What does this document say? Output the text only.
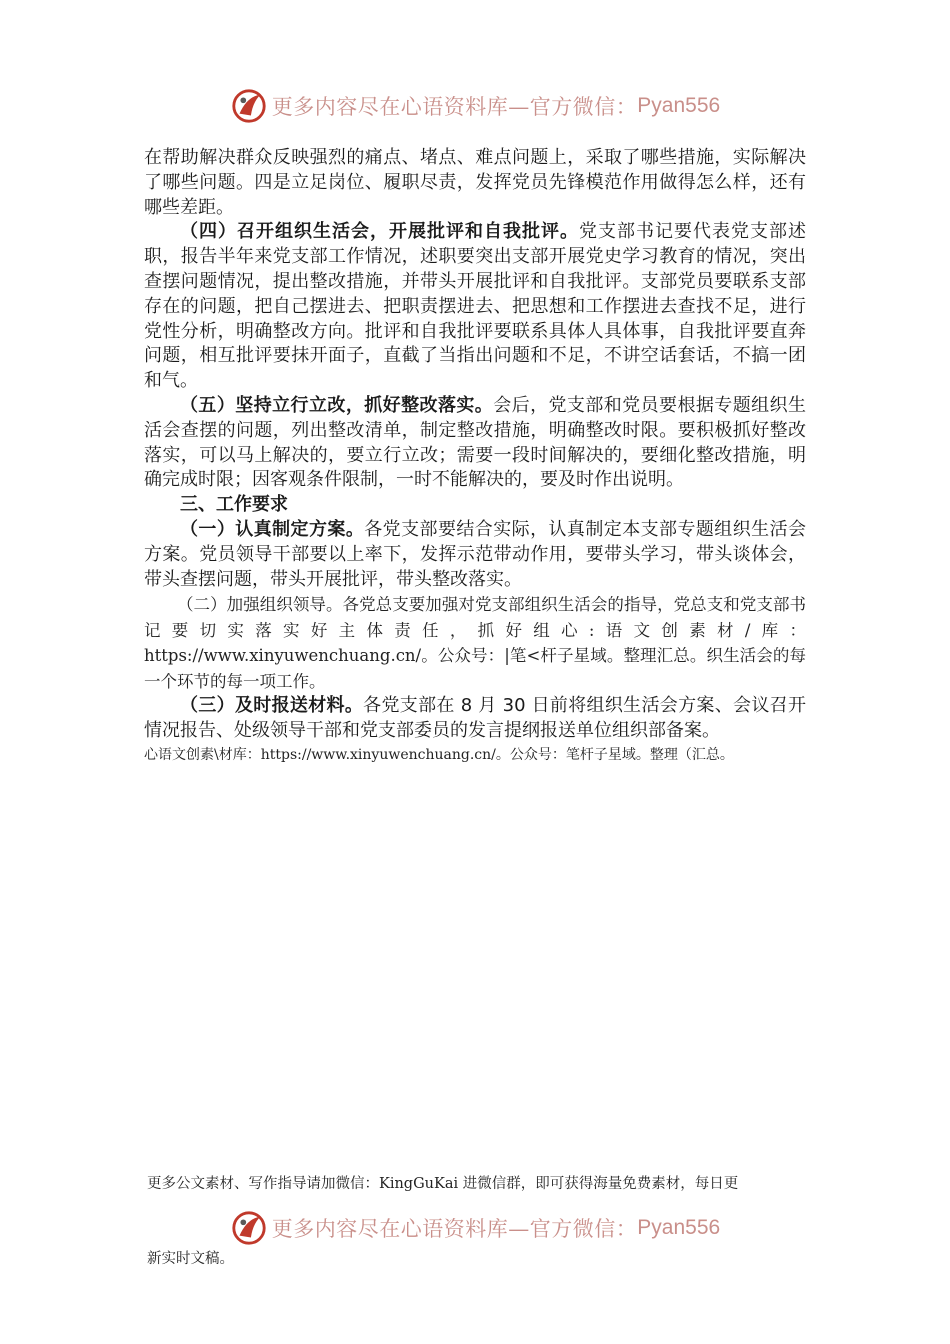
更多内容尽在心语资料库—官方微信： Pyan556

在帮助解决群众反映强烈的痛点、堵点、难点问题上，采取了哪些措施，实际解决了哪些问题。四是立足岗位、履职尽责，发挥党员先锋模范作用做得怎么样，还有哪些差距。

（四）召开组织生活会，开展批评和自我批评。党支部书记要代表党支部述职，报告半年来党支部工作情况，述职要突出支部开展党史学习教育的情况，突出查摆问题情况，提出整改措施，并带头开展批评和自我批评。支部党员要联系支部存在的问题，把自己摆进去、把职责摆进去、把思想和工作摆进去查找不足，进行党性分析，明确整改方向。批评和自我批评要联系具体人具体事，自我批评要直奔问题，相互批评要抹开面子，直截了当指出问题和不足，不讲空话套话，不搞一团和气。

（五）坚持立行立改，抓好整改落实。会后，党支部和党员要根据专题组织生活会查摆的问题，列出整改清单，制定整改措施，明确整改时限。要积极抓好整改落实，可以马上解决的，要立行立改；需要一段时间解决的，要细化整改措施，明确完成时限；因客观条件限制，一时不能解决的，要及时作出说明。

三、工作要求

（一）认真制定方案。各党支部要结合实际，认真制定本支部专题组织生活会方案。党员领导干部要以上率下，发挥示范带动作用，要带头学习，带头谈体会，带头查摆问题，带头开展批评，带头整改落实。

（二）加强组织领导。各党总支要加强对党支部组织生活会的指导，党总支和党支部书记要切实落实好主体责任，抓好组心:语文创素材/库：https://www.xinyuwenchuang.cn/。公众号：|笔<杆子星域。整理汇总。织生活会的每一个环节的每一项工作。

（三）及时报送材料。各党支部在 8 月 30 日前将组织生活会方案、会议召开情况报告、处级领导干部和党支部委员的发言提纲报送单位组织部备案。

心语文创素\材库：https://www.xinyuwenchuang.cn/。公众号：笔杆子星域。整理（汇总。

更多公文素材、写作指导请加微信：KingGuKai 进微信群，即可获得海量免费素材，每日更
更多内容尽在心语资料库—官方微信： Pyan556
新实时文稿。
